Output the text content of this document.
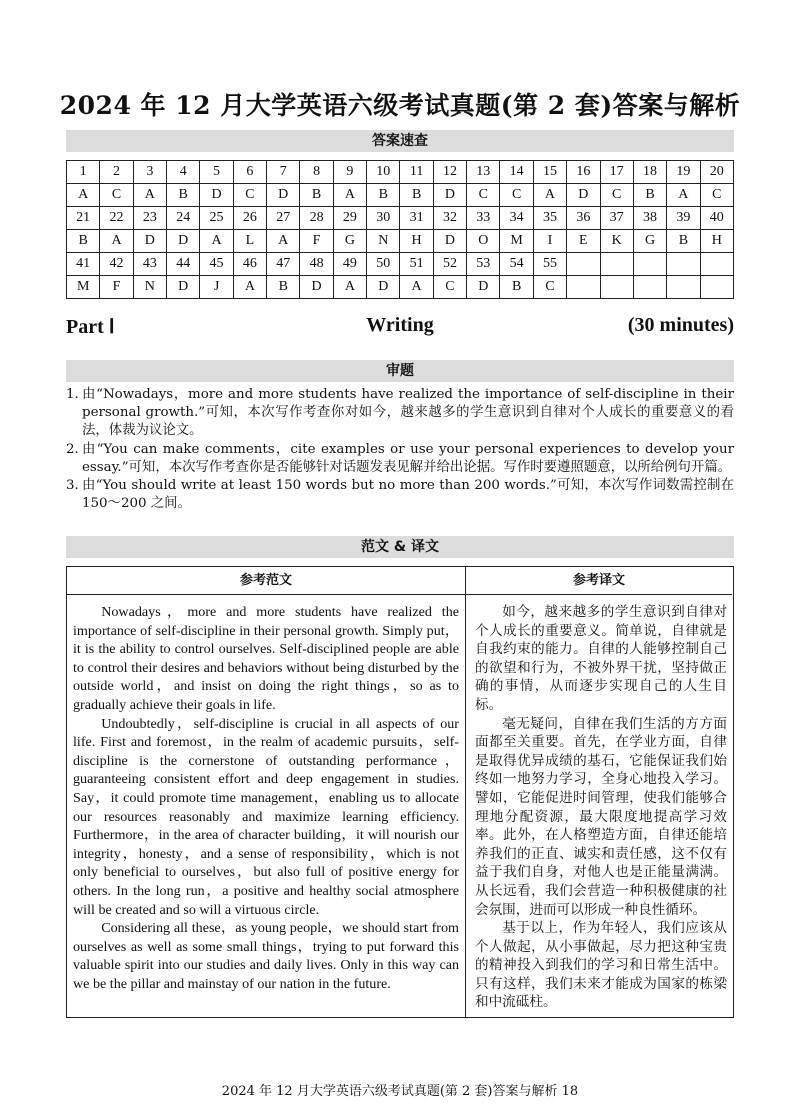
2024 年 12 月大学英语六级考试真题(第 2 套)答案与解析
答案速查
1	2	3	4	5	6	7	8	9	10	11	12	13	14	15	16	17	18	19	20
A	C	A	B	D	C	D	B	A	B	B	D	C	C	A	D	C	B	A	C
21	22	23	24	25	26	27	28	29	30	31	32	33	34	35	36	37	38	39	40
B	A	D	D	A	L	A	F	G	N	H	D	O	M	I	E	K	G	B	H
41	42	43	44	45	46	47	48	49	50	51	52	53	54	55					
M	F	N	D	J	A	B	D	A	D	A	C	D	B	C					
Part Ⅰ	Writing	(30 minutes)
审题
1. 由“Nowadays，more and more students have realized the importance of self-discipline in their personal growth.”可知，本次写作考查你对如今，越来越多的学生意识到自律对个人成长的重要意义的看法，体裁为议论文。
2. 由“You can make comments，cite examples or use your personal experiences to develop your essay.”可知，本次写作考查你是否能够针对话题发表见解并给出论据。写作时要遵照题意，以所给例句开篇。
3. 由“You should write at least 150 words but no more than 200 words.”可知，本次写作词数需控制在 150～200 之间。
范文 & 译文
参考范文	参考译文

Nowadays，more and more students have realized the importance of self-discipline in their personal growth. Simply put，it is the ability to control ourselves. Self-disciplined people are able to control their desires and behaviors without being disturbed by the outside world，and insist on doing the right things，so as to gradually achieve their goals in life.

Undoubtedly，self-discipline is crucial in all aspects of our life. First and foremost，in the realm of academic pursuits，self-discipline is the cornerstone of outstanding performance，guaranteeing consistent effort and deep engagement in studies. Say，it could promote time management，enabling us to allocate our resources reasonably and maximize learning efficiency. Furthermore，in the area of character building，it will nourish our integrity，honesty，and a sense of responsibility，which is not only beneficial to ourselves，but also full of positive energy for others. In the long run，a positive and healthy social atmosphere will be created and so will a virtuous circle.

Considering all these，as young people，we should start from ourselves as well as some small things，trying to put forward this valuable spirit into our studies and daily lives. Only in this way can we be the pillar and mainstay of our nation in the future.

如今，越来越多的学生意识到自律对个人成长的重要意义。简单说，自律就是自我约束的能力。自律的人能够控制自己的欲望和行为，不被外界干扰，坚持做正确的事情，从而逐步实现自己的人生目标。

毫无疑问，自律在我们生活的方方面面都至关重要。首先，在学业方面，自律是取得优异成绩的基石，它能保证我们始终如一地努力学习，全身心地投入学习。譬如，它能促进时间管理，使我们能够合理地分配资源，最大限度地提高学习效率。此外，在人格塑造方面，自律还能培养我们的正直、诚实和责任感，这不仅有益于我们自身，对他人也是正能量满满。从长远看，我们会营造一种积极健康的社会氛围，进而可以形成一种良性循环。

基于以上，作为年轻人，我们应该从个人做起，从小事做起，尽力把这种宝贵的精神投入到我们的学习和日常生活中。只有这样，我们未来才能成为国家的栋梁和中流砥柱。

2024 年 12 月大学英语六级考试真题(第 2 套)答案与解析 18
